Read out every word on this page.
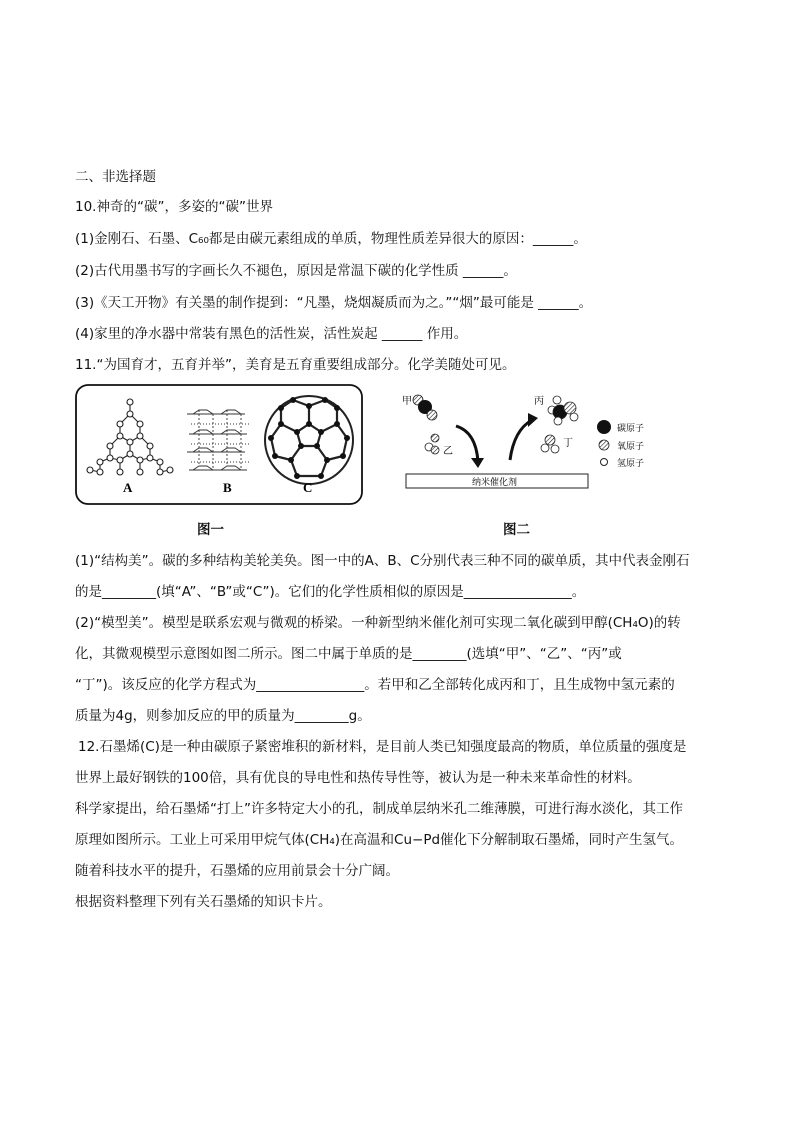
二、非选择题
10.神奇的“碳”，多姿的“碳”世界
(1)金刚石、石墨、C₆₀都是由碳元素组成的单质，物理性质差异很大的原因：______。
(2)古代用墨书写的字画长久不褪色，原因是常温下碳的化学性质 ______。
(3)《天工开物》有关墨的制作提到：“凡墨，烧烟凝质而为之。”“烟”最可能是 ______。
(4)家里的净水器中常装有黑色的活性炭，活性炭起 ______ 作用。
11.“为国育才，五育并举”，美育是五育重要组成部分。化学美随处可见。
A	B	C
甲
乙
丙
丁
纳米催化剂
碳原子
氧原子
氢原子
图一	图二
(1)“结构美”。碳的多种结构美轮美奂。图一中的A、B、C分别代表三种不同的碳单质，其中代表金刚石
的是________(填“A”、“B”或“C”)。它们的化学性质相似的原因是________________。
(2)“模型美”。模型是联系宏观与微观的桥梁。一种新型纳米催化剂可实现二氧化碳到甲醇(CH₄O)的转
化，其微观模型示意图如图二所示。图二中属于单质的是________(选填“甲”、“乙”、“丙”或
“丁”)。该反应的化学方程式为________________。若甲和乙全部转化成丙和丁，且生成物中氢元素的
质量为4g，则参加反应的甲的质量为________g。
12.石墨烯(C)是一种由碳原子紧密堆积的新材料，是目前人类已知强度最高的物质，单位质量的强度是
世界上最好钢铁的100倍，具有优良的导电性和热传导性等，被认为是一种未来革命性的材料。
科学家提出，给石墨烯“打上”许多特定大小的孔，制成单层纳米孔二维薄膜，可进行海水淡化，其工作
原理如图所示。工业上可采用甲烷气体(CH₄)在高温和Cu−Pd催化下分解制取石墨烯，同时产生氢气。
随着科技水平的提升，石墨烯的应用前景会十分广阔。
根据资料整理下列有关石墨烯的知识卡片。
